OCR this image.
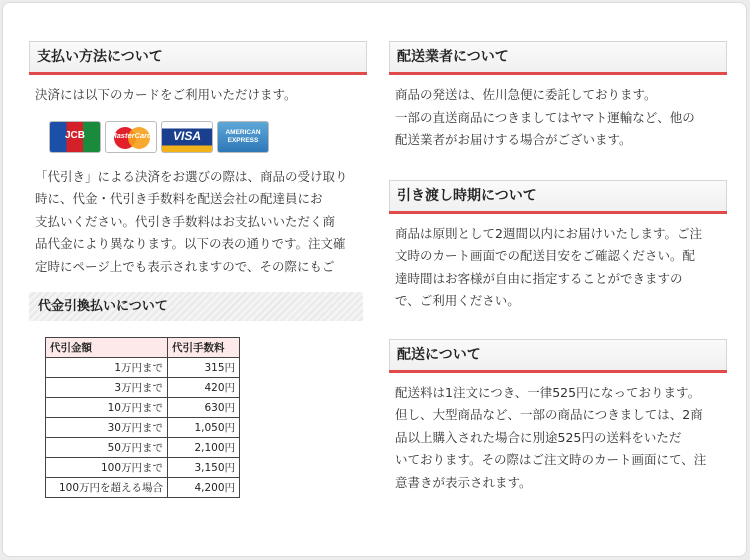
支払い方法について
決済には以下のカードをご利用いただけます。
JCB	MasterCard VISA	AMERICAN EXPRESS
「代引き」による決済をお選びの際は、商品の受け取り
時に、代金・代引き手数料を配送会社の配達員にお
支払いください。代引き手数料はお支払いいただく商
品代金により異なります。以下の表の通りです。注文確
定時にページ上でも表示されますので、その際にもご
代金引換払いについて
代引金額	代引手数料
1万円まで	315円
3万円まで	420円
10万円まで	630円
30万円まで	1,050円
50万円まで	2,100円
100万円まで	3,150円
100万円を超える場合	4,200円
配送業者について
商品の発送は、佐川急便に委託しております。
一部の直送商品につきましてはヤマト運輸など、他の
配送業者がお届けする場合がございます。
引き渡し時期について
商品は原則として2週間以内にお届けいたします。ご注
文時のカート画面での配送目安をご確認ください。配
達時間はお客様が自由に指定することができますの
で、ご利用ください。
配送について
配送料は1注文につき、一律525円になっております。
但し、大型商品など、一部の商品につきましては、2商
品以上購入された場合に別途525円の送料をいただ
いております。その際はご注文時のカート画面にて、注
意書きが表示されます。
